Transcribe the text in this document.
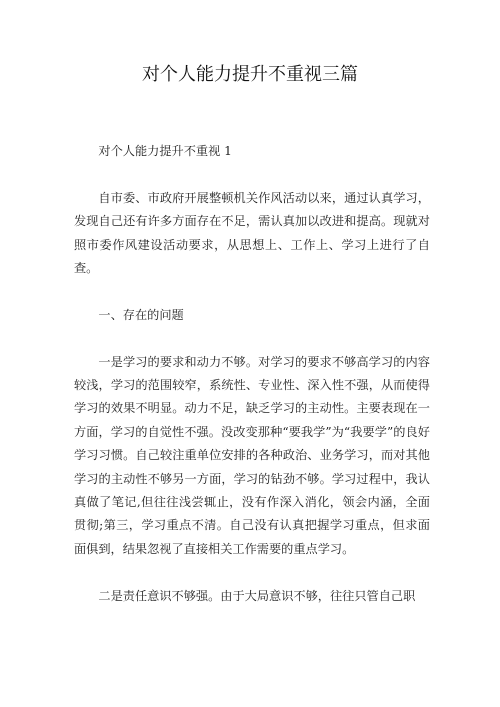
对个人能力提升不重视三篇

对个人能力提升不重视 1

自市委、市政府开展整顿机关作风活动以来，通过认真学习，发现自己还有许多方面存在不足，需认真加以改进和提高。现就对照市委作风建设活动要求，从思想上、工作上、学习上进行了自查。

一、存在的问题

一是学习的要求和动力不够。对学习的要求不够高学习的内容较浅，学习的范围较窄，系统性、专业性、深入性不强，从而使得学习的效果不明显。动力不足，缺乏学习的主动性。主要表现在一方面，学习的自觉性不强。没改变那种“要我学”为“我要学”的良好学习习惯。自己较注重单位安排的各种政治、业务学习，而对其他学习的主动性不够另一方面，学习的钻劲不够。学习过程中，我认真做了笔记,但往往浅尝辄止，没有作深入消化，领会内涵，全面贯彻;第三，学习重点不清。自己没有认真把握学习重点，但求面面俱到，结果忽视了直接相关工作需要的重点学习。

二是责任意识不够强。由于大局意识不够，往往只管自己职
